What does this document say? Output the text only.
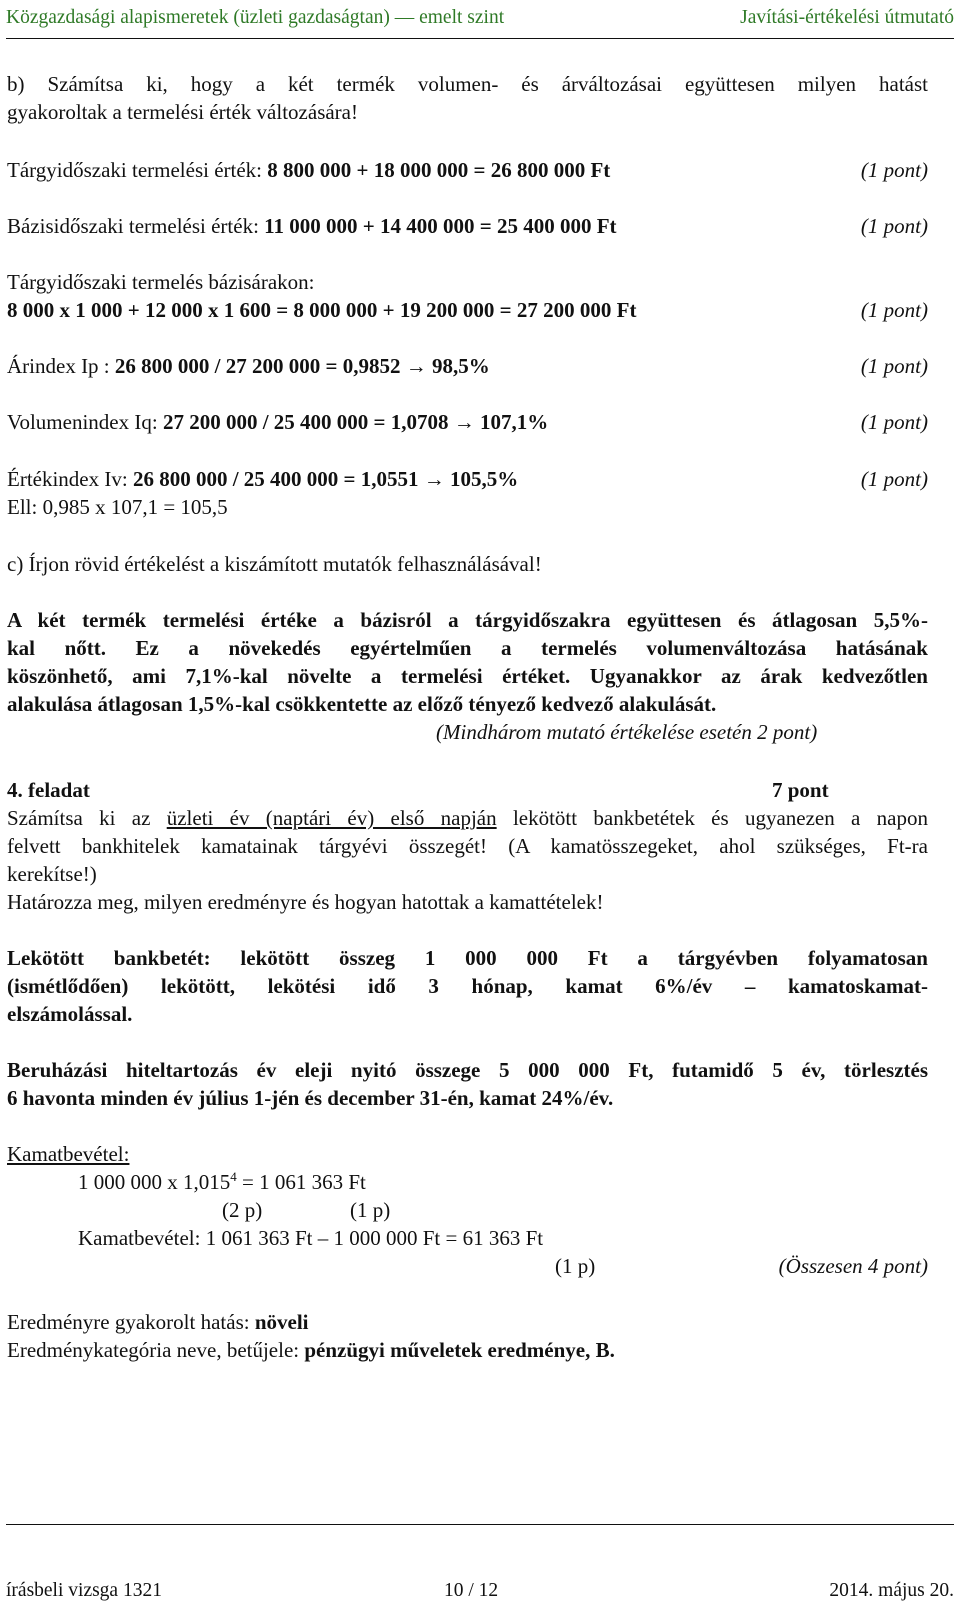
Közgazdasági alapismeretek (üzleti gazdaságtan) — emelt szint	Javítási-értékelési útmutató
b) Számítsa ki, hogy a két termék volumen- és árváltozásai együttesen milyen hatást
gyakoroltak a termelési érték változására!
Tárgyidőszaki termelési érték: 8 800 000 + 18 000 000 = 26 800 000 Ft	(1 pont)
Bázisidőszaki termelési érték: 11 000 000 + 14 400 000 = 25 400 000 Ft	(1 pont)
Tárgyidőszaki termelés bázisárakon:
8 000 x 1 000 + 12 000 x 1 600 = 8 000 000 + 19 200 000 = 27 200 000 Ft	(1 pont)
Árindex Ip : 26 800 000 / 27 200 000 = 0,9852 → 98,5%	(1 pont)
Volumenindex Iq: 27 200 000 / 25 400 000 = 1,0708 → 107,1%	(1 pont)
Értékindex Iv: 26 800 000 / 25 400 000 = 1,0551 → 105,5%	(1 pont)
Ell: 0,985 x 107,1 = 105,5
c) Írjon rövid értékelést a kiszámított mutatók felhasználásával!
A két termék termelési értéke a bázisról a tárgyidőszakra együttesen és átlagosan 5,5%-
kal nőtt. Ez a növekedés egyértelműen a termelés volumenváltozása hatásának
köszönhető, ami 7,1%-kal növelte a termelési értéket. Ugyanakkor az árak kedvezőtlen
alakulása átlagosan 1,5%-kal csökkentette az előző tényező kedvező alakulását.
(Mindhárom mutató értékelése esetén 2 pont)
4. feladat	7 pont
Számítsa ki az üzleti év (naptári év) első napján lekötött bankbetétek és ugyanezen a napon
felvett bankhitelek kamatainak tárgyévi összegét! (A kamatösszegeket, ahol szükséges, Ft-ra
kerekítse!)
Határozza meg, milyen eredményre és hogyan hatottak a kamattételek!
Lekötött bankbetét: lekötött összeg 1 000 000 Ft a tárgyévben folyamatosan
(ismétlődően) lekötött, lekötési idő 3 hónap, kamat 6%/év – kamatoskamat-
elszámolással.
Beruházási hiteltartozás év eleji nyitó összege 5 000 000 Ft, futamidő 5 év, törlesztés
6 havonta minden év július 1-jén és december 31-én, kamat 24%/év.
Kamatbevétel:
1 000 000 x $1,015^4 = 1$ 061 363 Ft
(2 p)	(1 p)
Kamatbevétel: 1 061 363 Ft – 1 000 000 Ft = 61 363 Ft
(1 p)	(Összesen 4 pont)
Eredményre gyakorolt hatás: növeli
Eredménykategória neve, betűjele: pénzügyi műveletek eredménye, B.
írásbeli vizsga 1321	10 / 12	2014. május 20.
